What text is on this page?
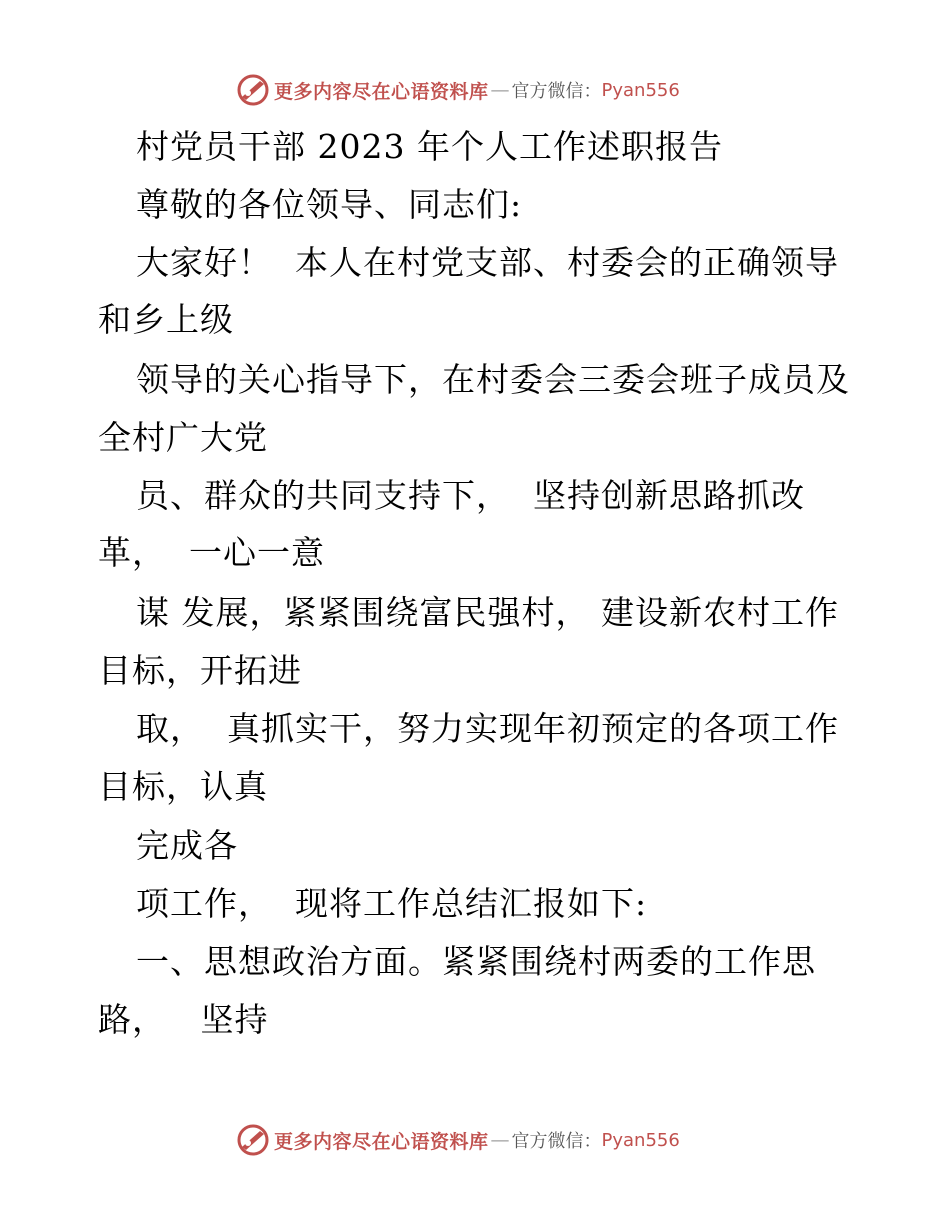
更多内容尽在心语资料库 — 官方微信： Pyan556
村党员干部 2023 年个人工作述职报告
尊敬的各位领导、同志们:
大家好！  本人在村党支部、村委会的正确领导
和乡上级
领导的关心指导下，在村委会三委会班子成员及
全村广大党
员、群众的共同支持下，  坚持创新思路抓改
革，  一心一意
谋 发展，紧紧围绕富民强村， 建设新农村工作
目标，开拓进
取，  真抓实干，努力实现年初预定的各项工作
目标，认真
完成各
项工作，  现将工作总结汇报如下:
一、思想政治方面。紧紧围绕村两委的工作思
路，   坚持
更多内容尽在心语资料库 — 官方微信： Pyan556
